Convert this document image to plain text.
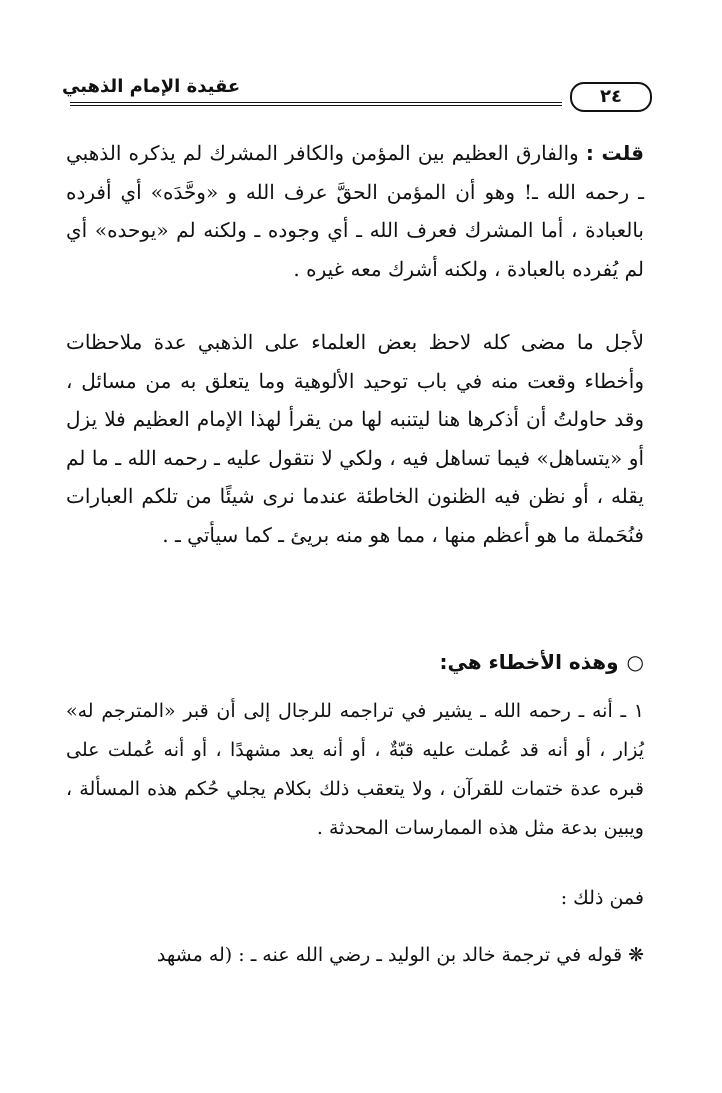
عقيدة الإمام الذهبي	٢٤
قلت : والفارق العظيم بين المؤمن والكافر المشرك لم يذكره الذهبي ـ رحمه الله ـ! وهو أن المؤمن الحقَّ عرف الله و «وحَّدَه» أي أفرده بالعبادة ، أما المشرك فعرف الله ـ أي وجوده ـ ولكنه لم «يوحده» أي لم يُفرده بالعبادة ، ولكنه أشرك معه غيره .
لأجل ما مضى كله لاحظ بعض العلماء على الذهبي عدة ملاحظات وأخطاء وقعت منه في باب توحيد الألوهية وما يتعلق به من مسائل ، وقد حاولتُ أن أذكرها هنا ليتنبه لها من يقرأ لهذا الإمام العظيم فلا يزل أو «يتساهل» فيما تساهل فيه ، ولكي لا نتقول عليه ـ رحمه الله ـ ما لم يقله ، أو نظن فيه الظنون الخاطئة عندما نرى شيئًا من تلكم العبارات فنُحَملة ما هو أعظم منها ، مما هو منه بريئ ـ كما سيأتي ـ .
○وهذه الأخطاء هي:
١ ـ أنه ـ رحمه الله ـ يشير في تراجمه للرجال إلى أن قبر «المترجم له» يُزار ، أو أنه قد عُملت عليه قبّةٌ ، أو أنه يعد مشهدًا ، أو أنه عُملت على قبره عدة ختمات للقرآن ، ولا يتعقب ذلك بكلام يجلي حُكم هذه المسألة ، ويبين بدعة مثل هذه الممارسات المحدثة .
فمن ذلك :
❋قوله في ترجمة خالد بن الوليد ـ رضي الله عنه ـ : (له مشهد
